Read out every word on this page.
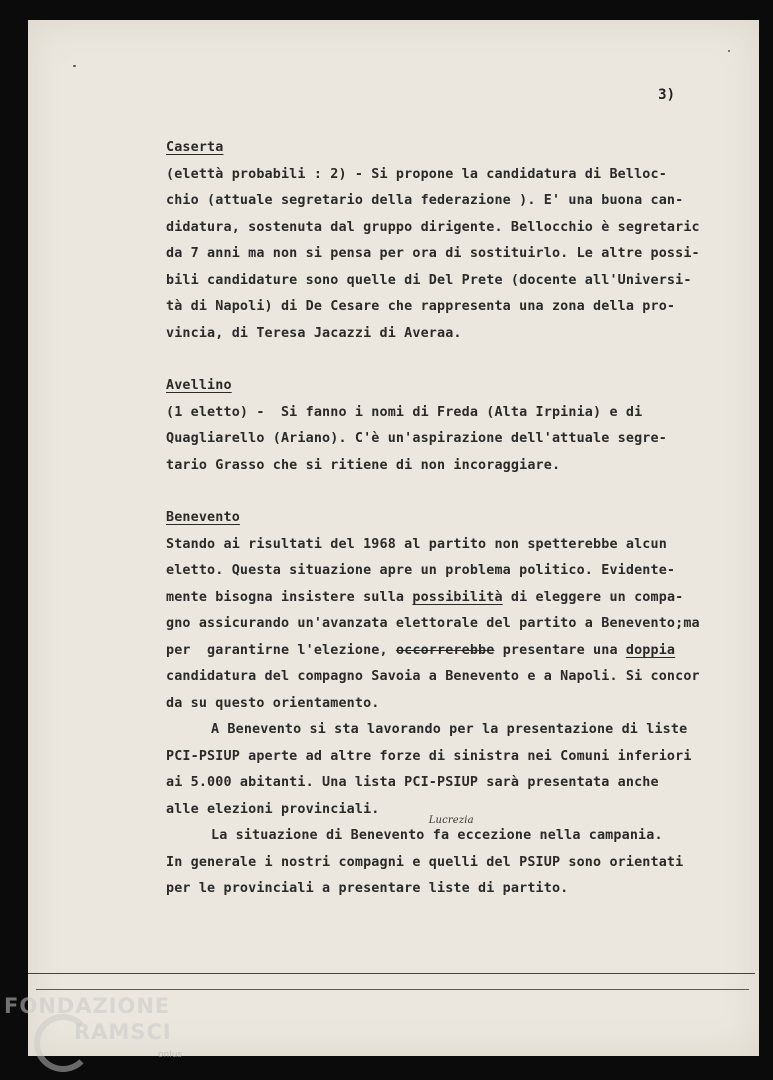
3)

Caserta
(elettà probabili : 2) - Si propone la candidatura di Belloc-
chio (attuale segretario della federazione ). E' una buona can-
didatura, sostenuta dal gruppo dirigente. Bellocchio è segretaric
da 7 anni ma non si pensa per ora di sostituirlo. Le altre possi-
bili candidature sono quelle di Del Prete (docente all'Universi-
tà di Napoli) di De Cesare che rappresenta una zona della pro-
vincia, di Teresa Jacazzi di Averaa.
Avellino
(1 eletto) -  Si fanno i nomi di Freda (Alta Irpinia) e di
Quagliarello (Ariano). C'è un'aspirazione dell'attuale segre-
tario Grasso che si ritiene di non incoraggiare.
Benevento
Stando ai risultati del 1968 al partito non spetterebbe alcun
eletto. Questa situazione apre un problema politico. Evidente-
mente bisogna insistere sulla possibilità di eleggere un compa-
gno assicurando un'avanzata elettorale del partito a Benevento;ma
per  garantirne l'elezione, occorrerebbe presentare una doppia
candidatura del compagno Savoia a Benevento e a Napoli. Si concor
da su questo orientamento.
A Benevento si sta lavorando per la presentazione di liste
PCI-PSIUP aperte ad altre forze di sinistra nei Comuni inferiori
ai 5.000 abitanti. Una lista PCI-PSIUP sarà presentata anche
alle elezioni provinciali.
La situazione di Benevento
Lucrezia
fa eccezione nella campania.
In generale i nostri compagni e quelli del PSIUP sono orientati
per le provinciali a presentare liste di partito.

FONDAZIONE

RAMSCI

onlus
